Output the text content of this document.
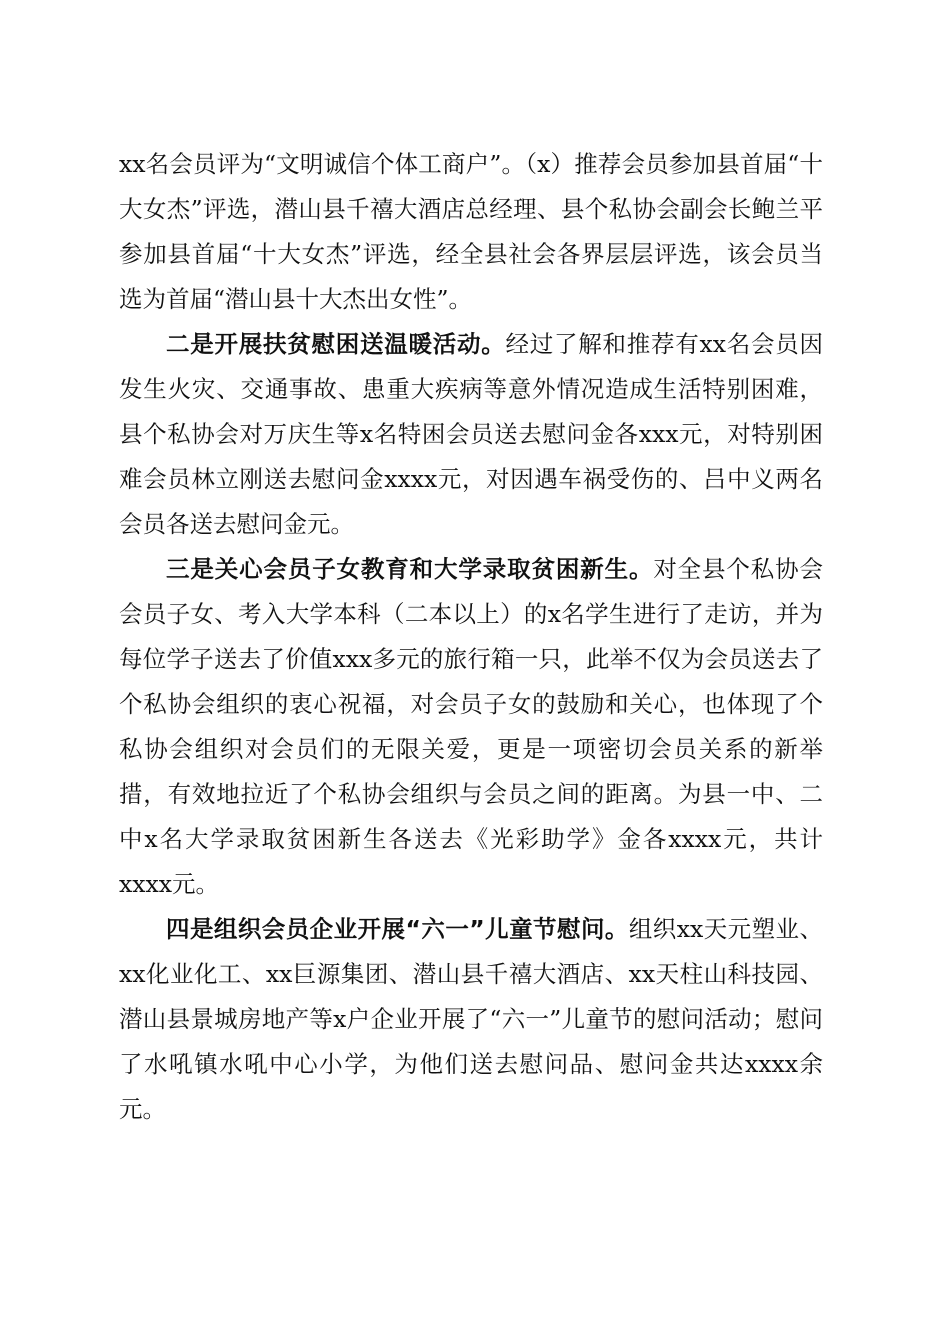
xx名会员评为“文明诚信个体工商户”。（x）推荐会员参加县首届“十大女杰”评选，潜山县千禧大酒店总经理、县个私协会副会长鲍兰平参加县首届“十大女杰”评选，经全县社会各界层层评选，该会员当选为首届“潜山县十大杰出女性”。

二是开展扶贫慰困送温暖活动。经过了解和推荐有xx名会员因发生火灾、交通事故、患重大疾病等意外情况造成生活特别困难，县个私协会对万庆生等x名特困会员送去慰问金各xxx元，对特别困难会员林立刚送去慰问金xxxx元，对因遇车祸受伤的、吕中义两名会员各送去慰问金元。

三是关心会员子女教育和大学录取贫困新生。对全县个私协会会员子女、考入大学本科（二本以上）的x名学生进行了走访，并为每位学子送去了价值xxx多元的旅行箱一只，此举不仅为会员送去了个私协会组织的衷心祝福，对会员子女的鼓励和关心，也体现了个私协会组织对会员们的无限关爱，更是一项密切会员关系的新举措，有效地拉近了个私协会组织与会员之间的距离。为县一中、二中x名大学录取贫困新生各送去《光彩助学》金各xxxx元，共计xxxx元。

四是组织会员企业开展“六一”儿童节慰问。组织xx天元塑业、xx化业化工、xx巨源集团、潜山县千禧大酒店、xx天柱山科技园、潜山县景城房地产等x户企业开展了“六一”儿童节的慰问活动；慰问了水吼镇水吼中心小学，为他们送去慰问品、慰问金共达xxxx余元。
